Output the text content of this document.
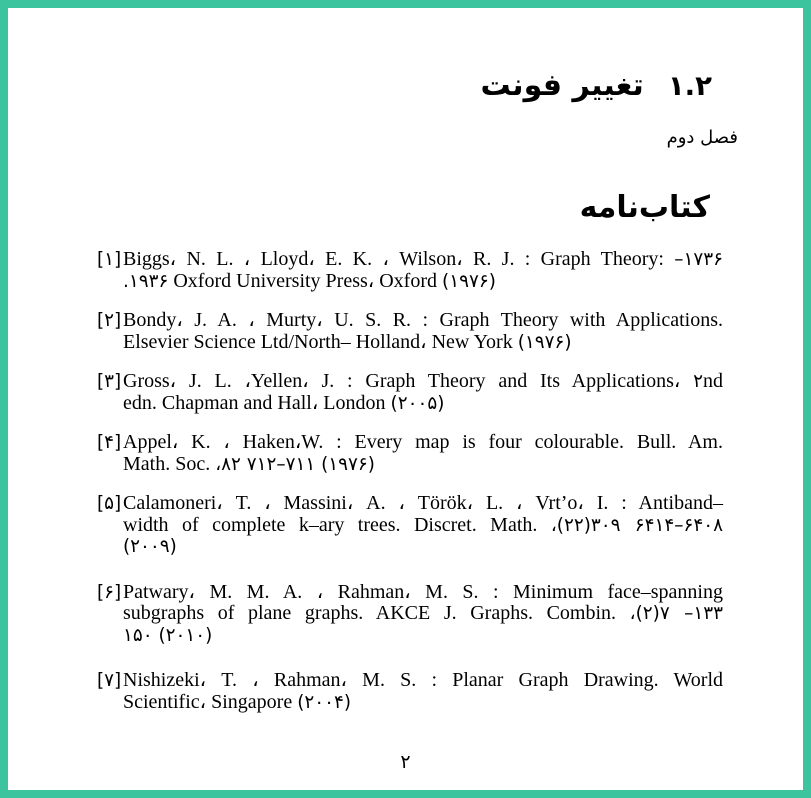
تغییر فونت ۱.۲
فصل دوم
کتاب‌نامه
[۱] Biggs، N. L. ، Lloyd، E. K. ، Wilson، R. J. : Graph Theory: –۱۷۳۶
.۱۹۳۶ Oxford University Press، Oxford (۱۹۷۶)
[۲] Bondy، J. A. ، Murty، U. S. R. : Graph Theory with Applications.
Elsevier Science Ltd/North– Holland، New York (۱۹۷۶)
[۳] Gross، J. L. ،Yellen، J. : Graph Theory and Its Applications، ۲nd
edn. Chapman and Hall، London (۲۰۰۵)
[۴] Appel، K. ، Haken،W. : Every map is four colourable. Bull. Am.
Math. Soc. ،۸۲ ۷۱۲–۷۱۱ (۱۹۷۶)
[۵] Calamoneri، T. ، Massini، A. ، Török، L. ، Vrt’o، I. : Antiband–
width of complete k–ary trees. Discret. Math. ،(۲۲)۳۰۹ ۶۴۱۴–۶۴۰۸
(۲۰۰۹)
[۶] Patwary، M. M. A. ، Rahman، M. S. : Minimum face–spanning
subgraphs of plane graphs. AKCE J. Graphs. Combin. ،(۲)۷ –۱۳۳
۱۵۰ (۲۰۱۰)
[۷] Nishizeki، T. ، Rahman، M. S. : Planar Graph Drawing. World
Scientific، Singapore (۲۰۰۴)
۲
